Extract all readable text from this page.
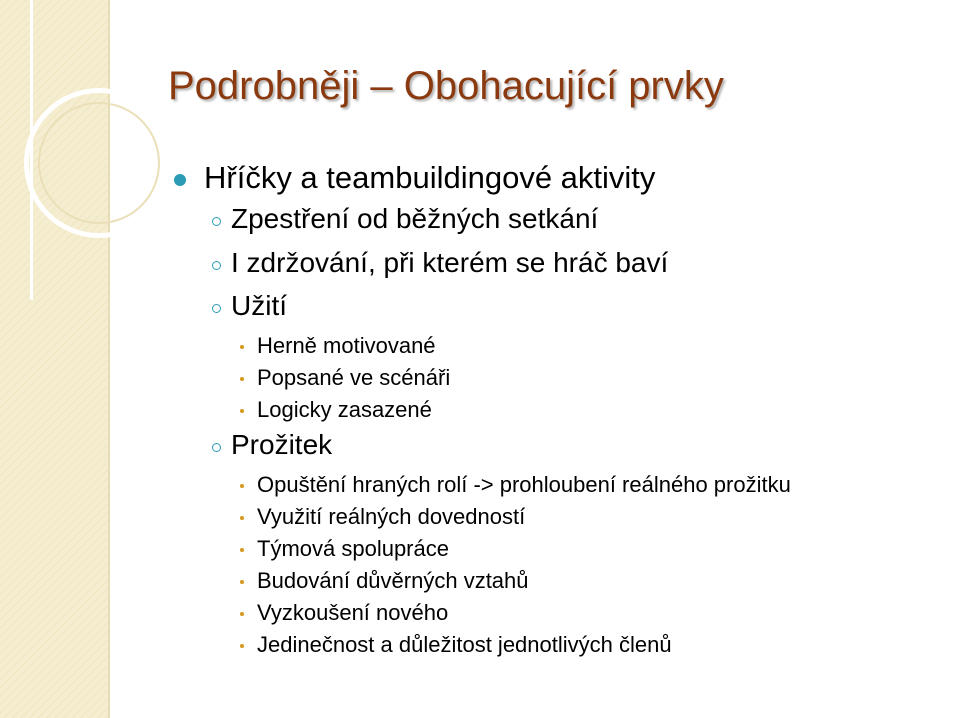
Podrobněji – Obohacující prvky
Hříčky a teambuildingové aktivity
Zpestření od běžných setkání
I zdržování, při kterém se hráč baví
Užití
Herně motivované
Popsané ve scénáři
Logicky zasazené
Prožitek
Opuštění hraných rolí -> prohloubení reálného prožitku
Využití reálných dovedností
Týmová spolupráce
Budování důvěrných vztahů
Vyzkoušení nového
Jedinečnost a důležitost jednotlivých členů
